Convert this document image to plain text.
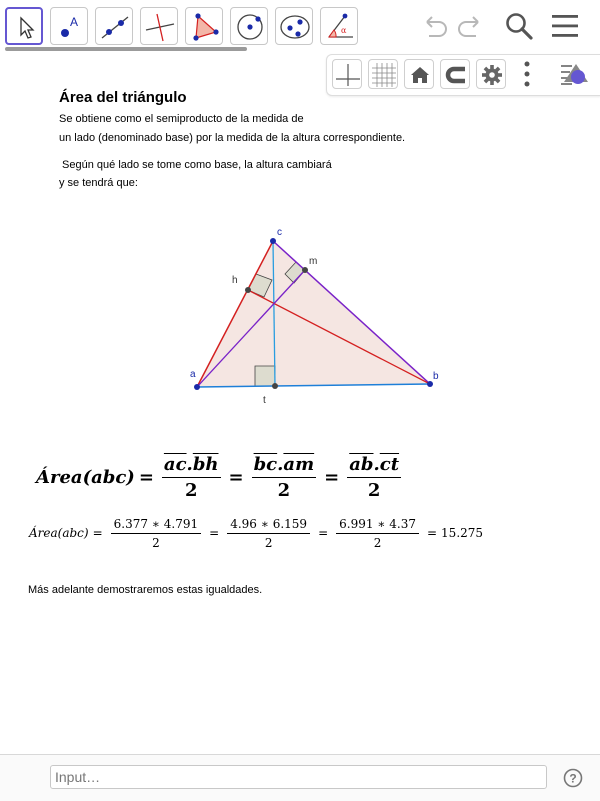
A
α
Área del triángulo
Se obtiene como el semiproducto de la medida de
un lado (denominado base) por la medida de la altura correspondiente.
Según qué lado se tome como base, la altura cambiará
y se tendrá que:
a	b
c
h
m
t
Área(abc) = $\frac{\overline{ac}.\overline{bh}}{2} = \frac{\overline{bc}.\overline{am}}{2} = \frac{\overline{ab}.\overline{ct}}{2}$
Área(abc) = $\frac{6.377 ∗ 4.791}{2} = \frac{4.96 ∗ 6.159}{2} = \frac{6.991 ∗ 4.37}{2} = 15.275$
Más adelante demostraremos estas igualdades.
Input…
?
